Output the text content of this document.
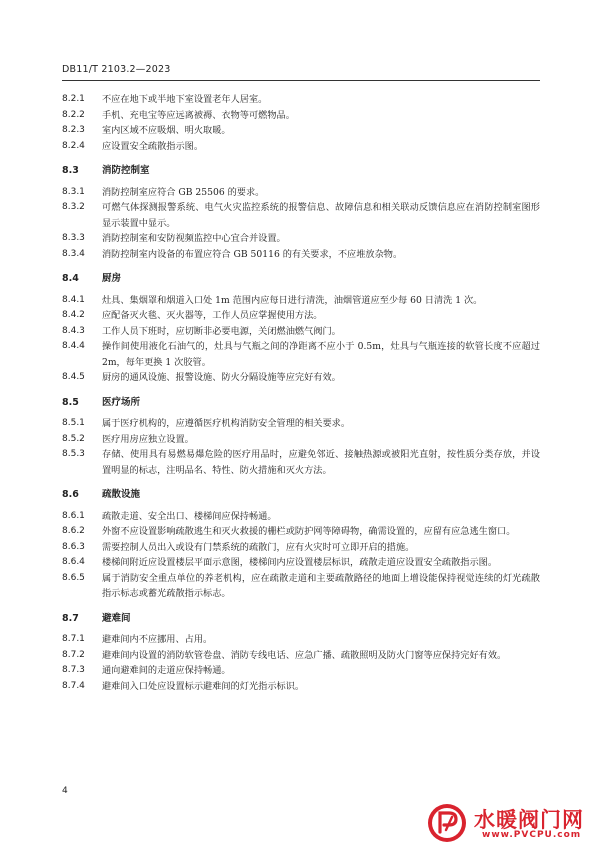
DB11/T 2103.2—2023
8.2.1	不应在地下或半地下室设置老年人居室。
8.2.2	手机、充电宝等应远离被褥、衣物等可燃物品。
8.2.3	室内区域不应吸烟、明火取暖。
8.2.4	应设置安全疏散指示图。
8.3	消防控制室
8.3.1	消防控制室应符合 GB 25506 的要求。
8.3.2	可燃气体探测报警系统、电气火灾监控系统的报警信息、故障信息和相关联动反馈信息应在消防控制室图形显示装置中显示。
8.3.3	消防控制室和安防视频监控中心宜合并设置。
8.3.4	消防控制室内设备的布置应符合 GB 50116 的有关要求，不应堆放杂物。
8.4	厨房
8.4.1	灶具、集烟罩和烟道入口处 1m 范围内应每日进行清洗，油烟管道应至少每 60 日清洗 1 次。
8.4.2	应配备灭火毯、灭火器等，工作人员应掌握使用方法。
8.4.3	工作人员下班时，应切断非必要电源，关闭燃油燃气阀门。
8.4.4	操作间使用液化石油气的，灶具与气瓶之间的净距离不应小于 0.5m，灶具与气瓶连接的软管长度不应超过 2m，每年更换 1 次胶管。
8.4.5	厨房的通风设施、报警设施、防火分隔设施等应完好有效。
8.5	医疗场所
8.5.1	属于医疗机构的，应遵循医疗机构消防安全管理的相关要求。
8.5.2	医疗用房应独立设置。
8.5.3	存储、使用具有易燃易爆危险的医疗用品时，应避免邻近、接触热源或被阳光直射，按性质分类存放，并设置明显的标志，注明品名、特性、防火措施和灭火方法。
8.6	疏散设施
8.6.1	疏散走道、安全出口、楼梯间应保持畅通。
8.6.2	外窗不应设置影响疏散逃生和灭火救援的栅栏或防护网等障碍物，确需设置的，应留有应急逃生窗口。
8.6.3	需要控制人员出入或设有门禁系统的疏散门，应有火灾时可立即开启的措施。
8.6.4	楼梯间附近应设置楼层平面示意图，楼梯间内应设置楼层标识，疏散走道应设置安全疏散指示图。
8.6.5	属于消防安全重点单位的养老机构，应在疏散走道和主要疏散路径的地面上增设能保持视觉连续的灯光疏散指示标志或蓄光疏散指示标志。
8.7	避难间
8.7.1	避难间内不应挪用、占用。
8.7.2	避难间内设置的消防软管卷盘、消防专线电话、应急广播、疏散照明及防火门窗等应保持完好有效。
8.7.3	通向避难间的走道应保持畅通。
8.7.4	避难间入口处应设置标示避难间的灯光指示标识。
4
水暖阀门网
www.PVCPU.com
